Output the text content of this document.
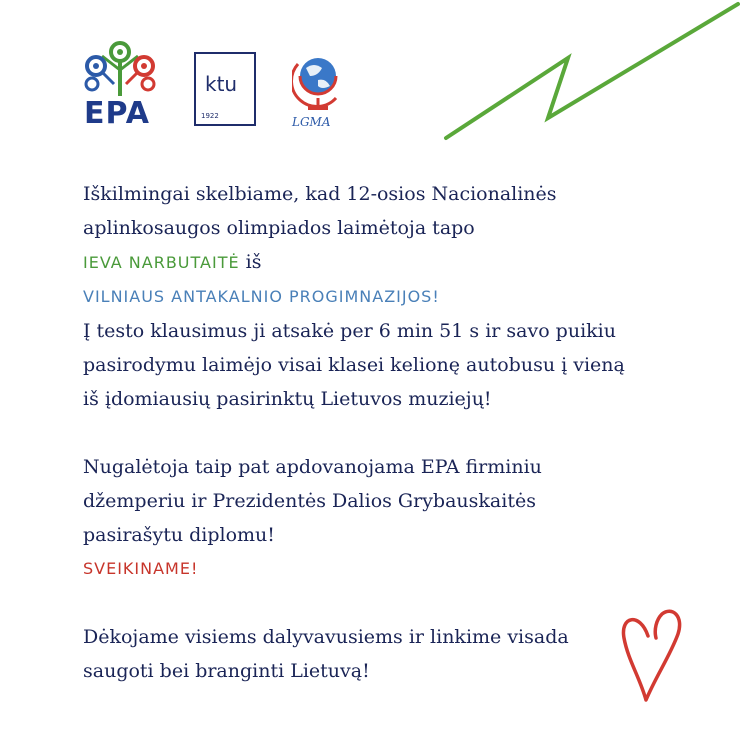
EPA
ktu
1922	LGMA
Iškilmingai skelbiame, kad 12-osios Nacionalinės
aplinkosaugos olimpiados laimėtoja tapo
IEVA NARBUTAITĖ iš
VILNIAUS ANTAKALNIO PROGIMNAZIJOS!
Į testo klausimus ji atsakė per 6 min 51 s ir savo puikiu
pasirodymu laimėjo visai klasei kelionę autobusu į vieną
iš įdomiausių pasirinktų Lietuvos muziejų!
Nugalėtoja taip pat apdovanojama EPA firminiu
džemperiu ir Prezidentės Dalios Grybauskaitės
pasirašytu diplomu!
SVEIKINAME!
Dėkojame visiems dalyvavusiems ir linkime visada
saugoti bei branginti Lietuvą!
